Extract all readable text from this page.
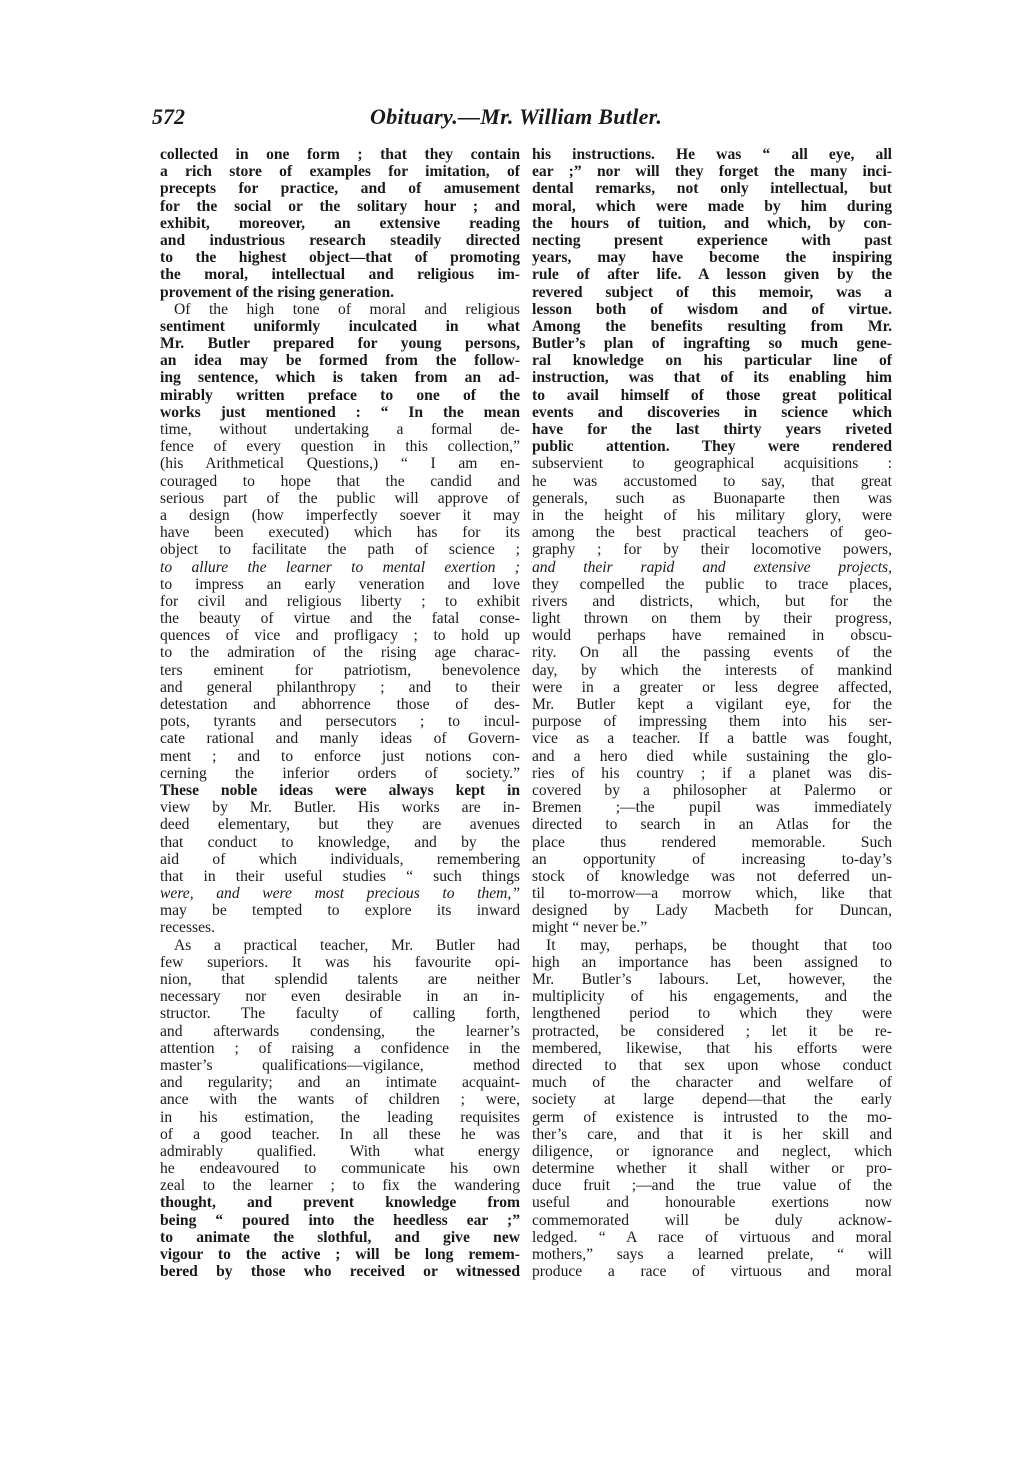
572	Obituary.—Mr. William Butler.
collected in one form ; that they contain
a rich store of examples for imitation, of
precepts for practice, and of amusement
for the social or the solitary hour ; and
exhibit, moreover, an extensive reading
and industrious research steadily directed
to the highest object—that of promoting
the moral, intellectual and religious im-
provement of the rising generation.
Of the high tone of moral and religious
sentiment uniformly inculcated in what
Mr. Butler prepared for young persons,
an idea may be formed from the follow-
ing sentence, which is taken from an ad-
mirably written preface to one of the
works just mentioned : “ In the mean
time, without undertaking a formal de-
fence of every question in this collection,”
(his Arithmetical Questions,) “ I am en-
couraged to hope that the candid and
serious part of the public will approve of
a design (how imperfectly soever it may
have been executed) which has for its
object to facilitate the path of science ;
to allure the learner to mental exertion ;
to impress an early veneration and love
for civil and religious liberty ; to exhibit
the beauty of virtue and the fatal conse-
quences of vice and profligacy ; to hold up
to the admiration of the rising age charac-
ters eminent for patriotism, benevolence
and general philanthropy ; and to their
detestation and abhorrence those of des-
pots, tyrants and persecutors ; to incul-
cate rational and manly ideas of Govern-
ment ; and to enforce just notions con-
cerning the inferior orders of society.”
These noble ideas were always kept in
view by Mr. Butler. His works are in-
deed elementary, but they are avenues
that conduct to knowledge, and by the
aid of which individuals, remembering
that in their useful studies “ such things
were, and were most precious to them,”
may be tempted to explore its inward
recesses.
As a practical teacher, Mr. Butler had
few superiors. It was his favourite opi-
nion, that splendid talents are neither
necessary nor even desirable in an in-
structor. The faculty of calling forth,
and afterwards condensing, the learner’s
attention ; of raising a confidence in the
master’s qualifications—vigilance, method
and regularity; and an intimate acquaint-
ance with the wants of children ; were,
in his estimation, the leading requisites
of a good teacher. In all these he was
admirably qualified. With what energy
he endeavoured to communicate his own
zeal to the learner ; to fix the wandering
thought, and prevent knowledge from
being “ poured into the heedless ear ;”
to animate the slothful, and give new
vigour to the active ; will be long remem-
bered by those who received or witnessed
his instructions. He was “ all eye, all
ear ;” nor will they forget the many inci-
dental remarks, not only intellectual, but
moral, which were made by him during
the hours of tuition, and which, by con-
necting present experience with past
years, may have become the inspiring
rule of after life. A lesson given by the
revered subject of this memoir, was a
lesson both of wisdom and of virtue.
Among the benefits resulting from Mr.
Butler’s plan of ingrafting so much gene-
ral knowledge on his particular line of
instruction, was that of its enabling him
to avail himself of those great political
events and discoveries in science which
have for the last thirty years riveted
public attention. They were rendered
subservient to geographical acquisitions :
he was accustomed to say, that great
generals, such as Buonaparte then was
in the height of his military glory, were
among the best practical teachers of geo-
graphy ; for by their locomotive powers,
and their rapid and extensive projects,
they compelled the public to trace places,
rivers and districts, which, but for the
light thrown on them by their progress,
would perhaps have remained in obscu-
rity. On all the passing events of the
day, by which the interests of mankind
were in a greater or less degree affected,
Mr. Butler kept a vigilant eye, for the
purpose of impressing them into his ser-
vice as a teacher. If a battle was fought,
and a hero died while sustaining the glo-
ries of his country ; if a planet was dis-
covered by a philosopher at Palermo or
Bremen ;—the pupil was immediately
directed to search in an Atlas for the
place thus rendered memorable. Such
an opportunity of increasing to-day’s
stock of knowledge was not deferred un-
til to-morrow—a morrow which, like that
designed by Lady Macbeth for Duncan,
might “ never be.”
It may, perhaps, be thought that too
high an importance has been assigned to
Mr. Butler’s labours. Let, however, the
multiplicity of his engagements, and the
lengthened period to which they were
protracted, be considered ; let it be re-
membered, likewise, that his efforts were
directed to that sex upon whose conduct
much of the character and welfare of
society at large depend—that the early
germ of existence is intrusted to the mo-
ther’s care, and that it is her skill and
diligence, or ignorance and neglect, which
determine whether it shall wither or pro-
duce fruit ;—and the true value of the
useful and honourable exertions now
commemorated will be duly acknow-
ledged. “ A race of virtuous and moral
mothers,” says a learned prelate, “ will
produce a race of virtuous and moral
